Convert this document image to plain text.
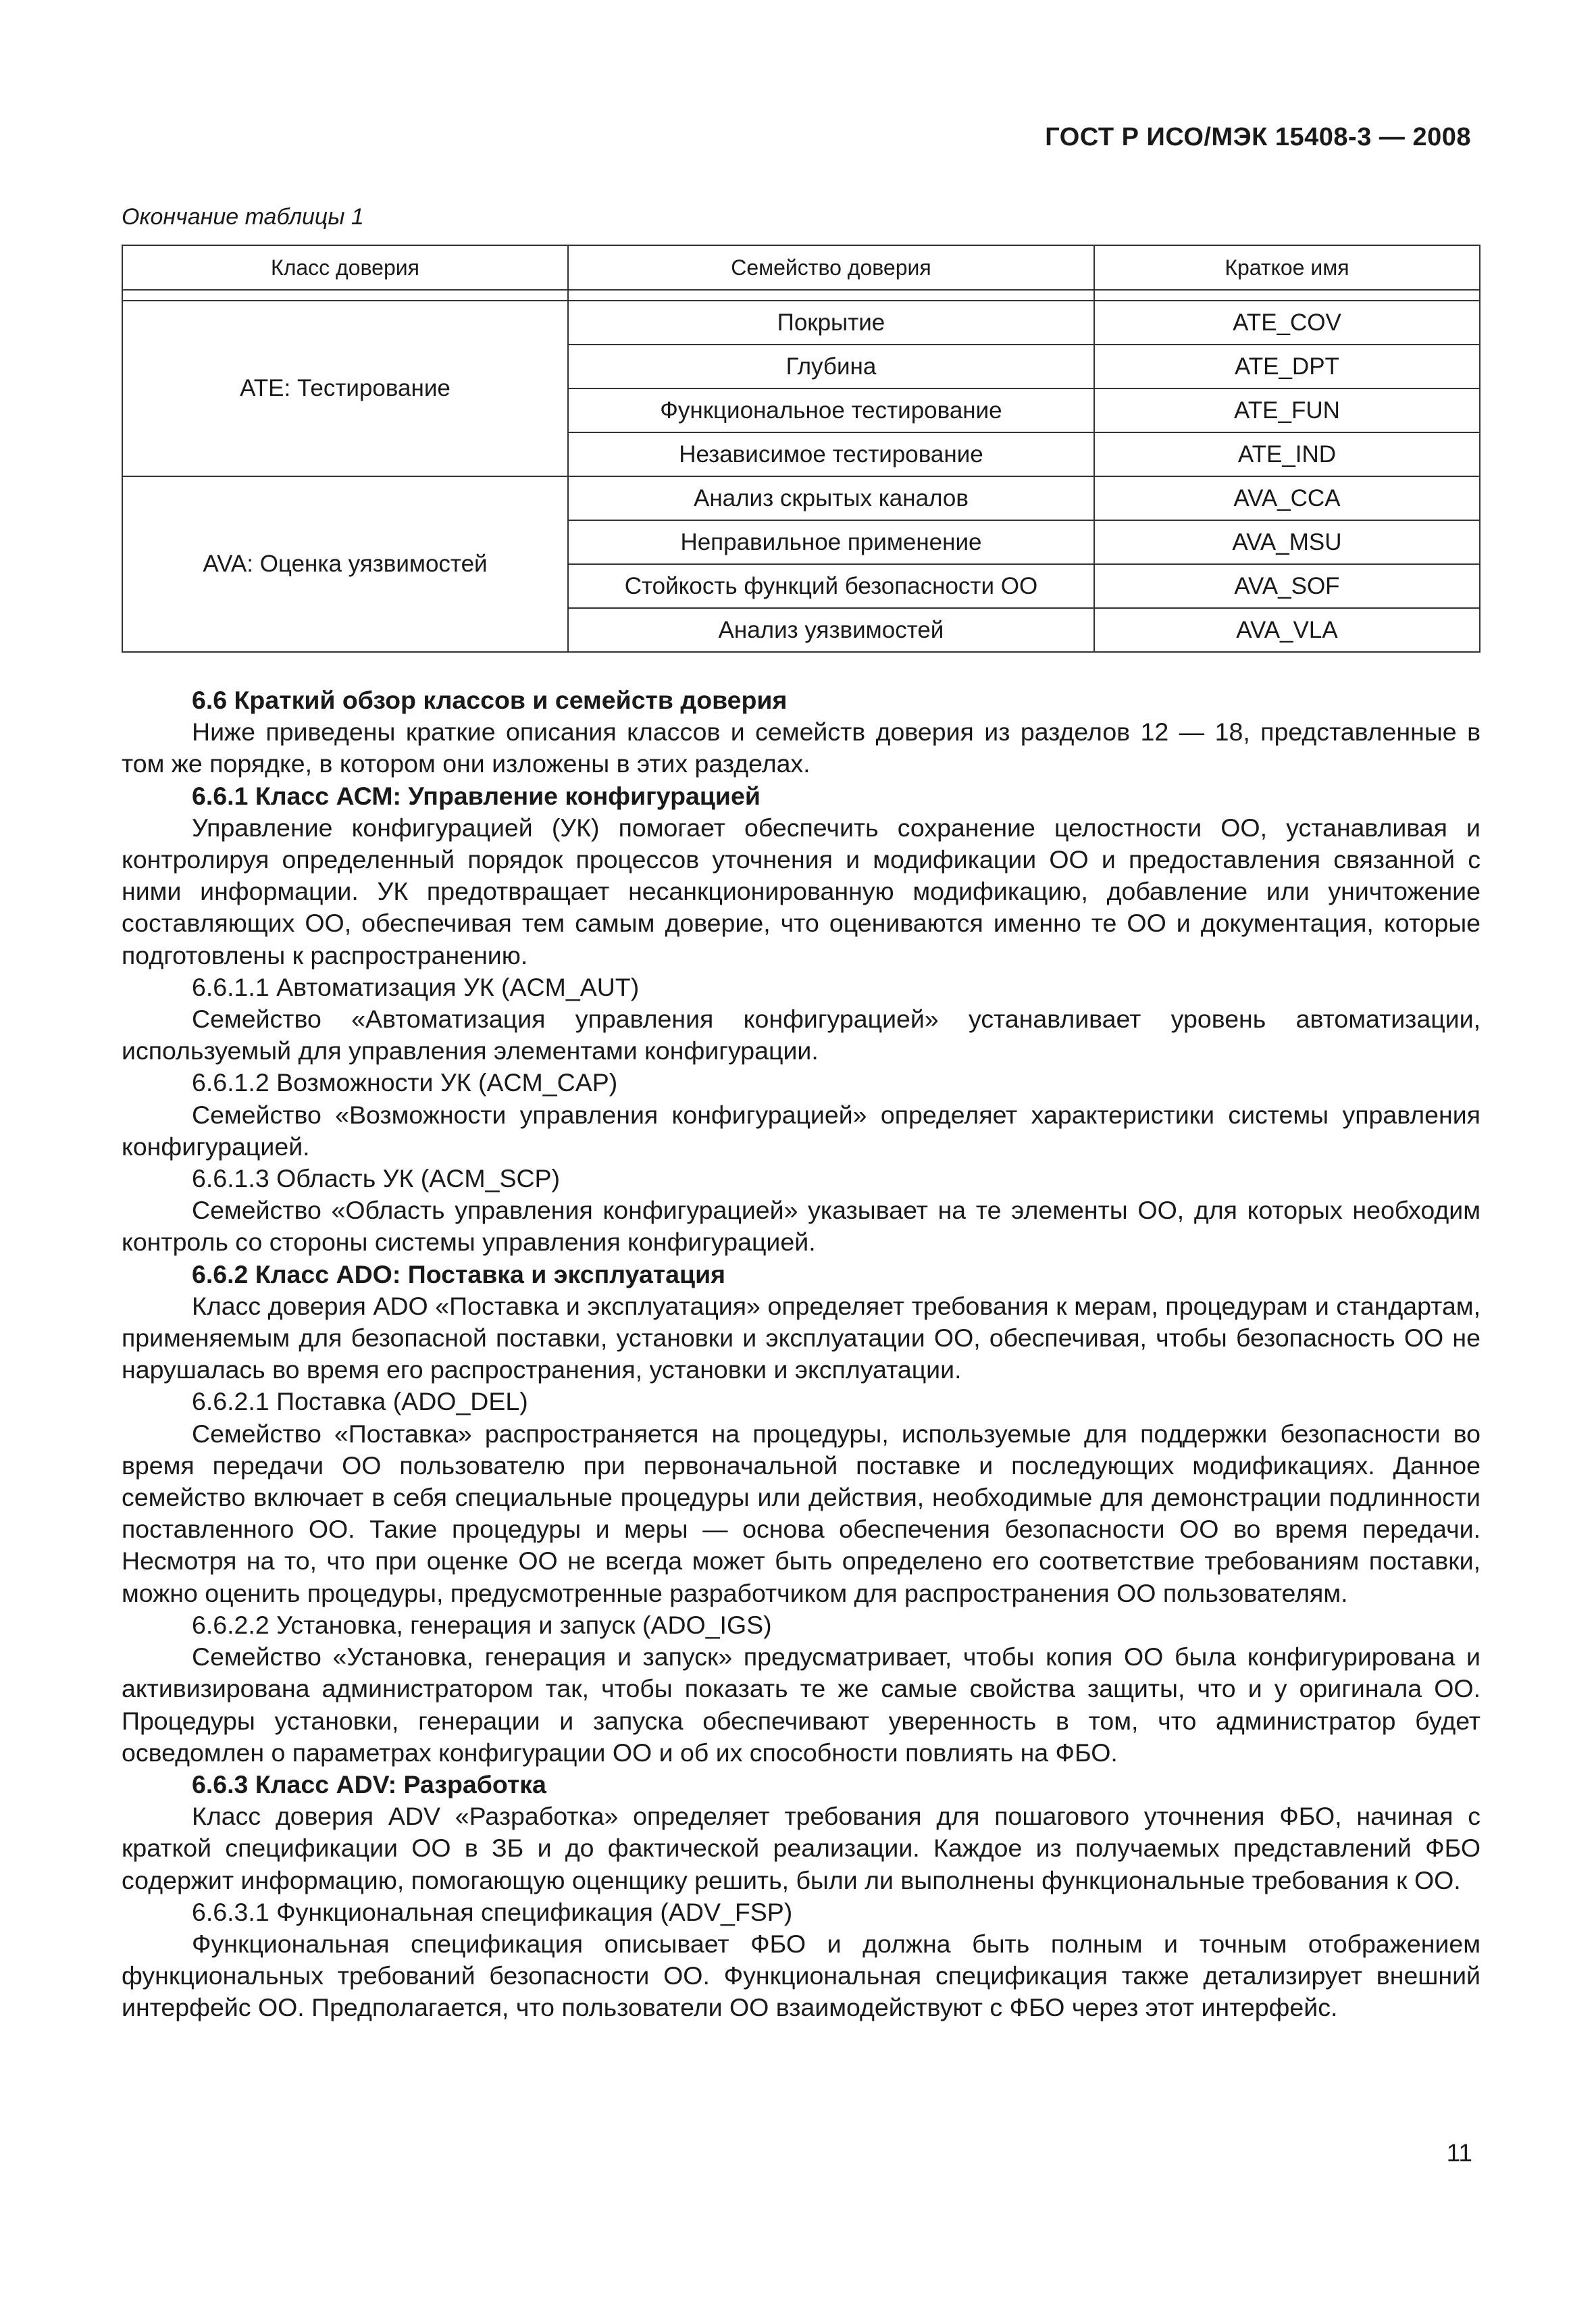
ГОСТ Р ИСО/МЭК 15408-3 — 2008
Окончание таблицы 1
Класс доверия	Семейство доверия	Краткое имя

АТЕ: Тестирование	Покрытие	ATE_COV
	Глубина	ATE_DPT
	Функциональное тестирование	ATE_FUN
	Независимое тестирование	ATE_IND
AVA: Оценка уязвимостей	Анализ скрытых каналов	AVA_CCA
	Неправильное применение	AVA_MSU
	Стойкость функций безопасности ОО	AVA_SOF
	Анализ уязвимостей	AVA_VLA

6.6 Краткий обзор классов и семейств доверия

Ниже приведены краткие описания классов и семейств доверия из разделов 12 — 18, представленные в том же порядке, в котором они изложены в этих разделах.

6.6.1 Класс АСМ: Управление конфигурацией

Управление конфигурацией (УК) помогает обеспечить сохранение целостности ОО, устанавливая и контролируя определенный порядок процессов уточнения и модификации ОО и предоставления связанной с ними информации. УК предотвращает несанкционированную модификацию, добавление или уничтожение составляющих ОО, обеспечивая тем самым доверие, что оцениваются именно те ОО и документация, которые подготовлены к распространению.

6.6.1.1 Автоматизация УК (ACM_AUT)

Семейство «Автоматизация управления конфигурацией» устанавливает уровень автоматизации, используемый для управления элементами конфигурации.

6.6.1.2 Возможности УК (ACM_CAP)

Семейство «Возможности управления конфигурацией» определяет характеристики системы управления конфигурацией.

6.6.1.3 Область УК (ACM_SCP)

Семейство «Область управления конфигурацией» указывает на те элементы ОО, для которых необходим контроль со стороны системы управления конфигурацией.

6.6.2 Класс ADO: Поставка и эксплуатация

Класс доверия ADO «Поставка и эксплуатация» определяет требования к мерам, процедурам и стандартам, применяемым для безопасной поставки, установки и эксплуатации ОО, обеспечивая, чтобы безопасность ОО не нарушалась во время его распространения, установки и эксплуатации.

6.6.2.1 Поставка (ADO_DEL)

Семейство «Поставка» распространяется на процедуры, используемые для поддержки безопасности во время передачи ОО пользователю при первоначальной поставке и последующих модификациях. Данное семейство включает в себя специальные процедуры или действия, необходимые для демонстрации подлинности поставленного ОО. Такие процедуры и меры — основа обеспечения безопасности ОО во время передачи. Несмотря на то, что при оценке ОО не всегда может быть определено его соответствие требованиям поставки, можно оценить процедуры, предусмотренные разработчиком для распространения ОО пользователям.

6.6.2.2 Установка, генерация и запуск (ADO_IGS)

Семейство «Установка, генерация и запуск» предусматривает, чтобы копия ОО была конфигурирована и активизирована администратором так, чтобы показать те же самые свойства защиты, что и у оригинала ОО. Процедуры установки, генерации и запуска обеспечивают уверенность в том, что администратор будет осведомлен о параметрах конфигурации ОО и об их способности повлиять на ФБО.

6.6.3 Класс ADV: Разработка

Класс доверия ADV «Разработка» определяет требования для пошагового уточнения ФБО, начиная с краткой спецификации ОО в ЗБ и до фактической реализации. Каждое из получаемых представлений ФБО содержит информацию, помогающую оценщику решить, были ли выполнены функциональные требования к ОО.

6.6.3.1 Функциональная спецификация (ADV_FSP)

Функциональная спецификация описывает ФБО и должна быть полным и точным отображением функциональных требований безопасности ОО. Функциональная спецификация также детализирует внешний интерфейс ОО. Предполагается, что пользователи ОО взаимодействуют с ФБО через этот интерфейс.

11
